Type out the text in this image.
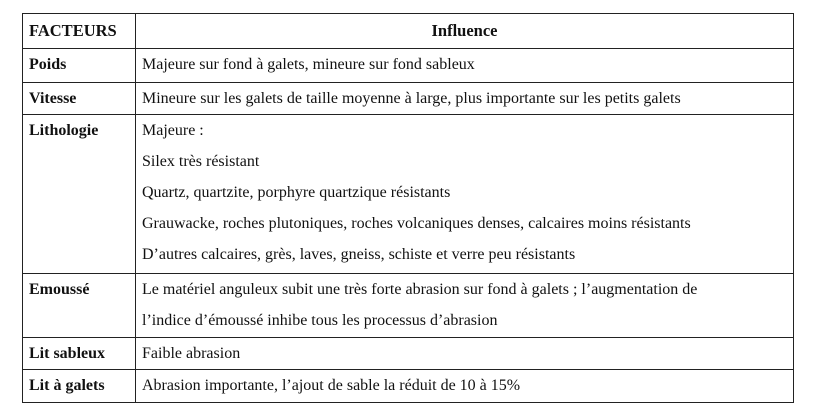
FACTEURS	Influence
Poids	Majeure sur fond à galets, mineure sur fond sableux

Vitesse	Mineure sur les galets de taille moyenne à large, plus importante sur les petits galets

Lithologie	Majeure :
Silex très résistant
Quartz, quartzite, porphyre quartzique résistants
Grauwacke, roches plutoniques, roches volcaniques denses, calcaires moins résistants
D’autres calcaires, grès, laves, gneiss, schiste et verre peu résistants

Emoussé	Le matériel anguleux subit une très forte abrasion sur fond à galets ; l’augmentation de
l’indice d’émoussé inhibe tous les processus d’abrasion

Lit sableux	Faible abrasion

Lit à galets	Abrasion importante, l’ajout de sable la réduit de 10 à 15%
